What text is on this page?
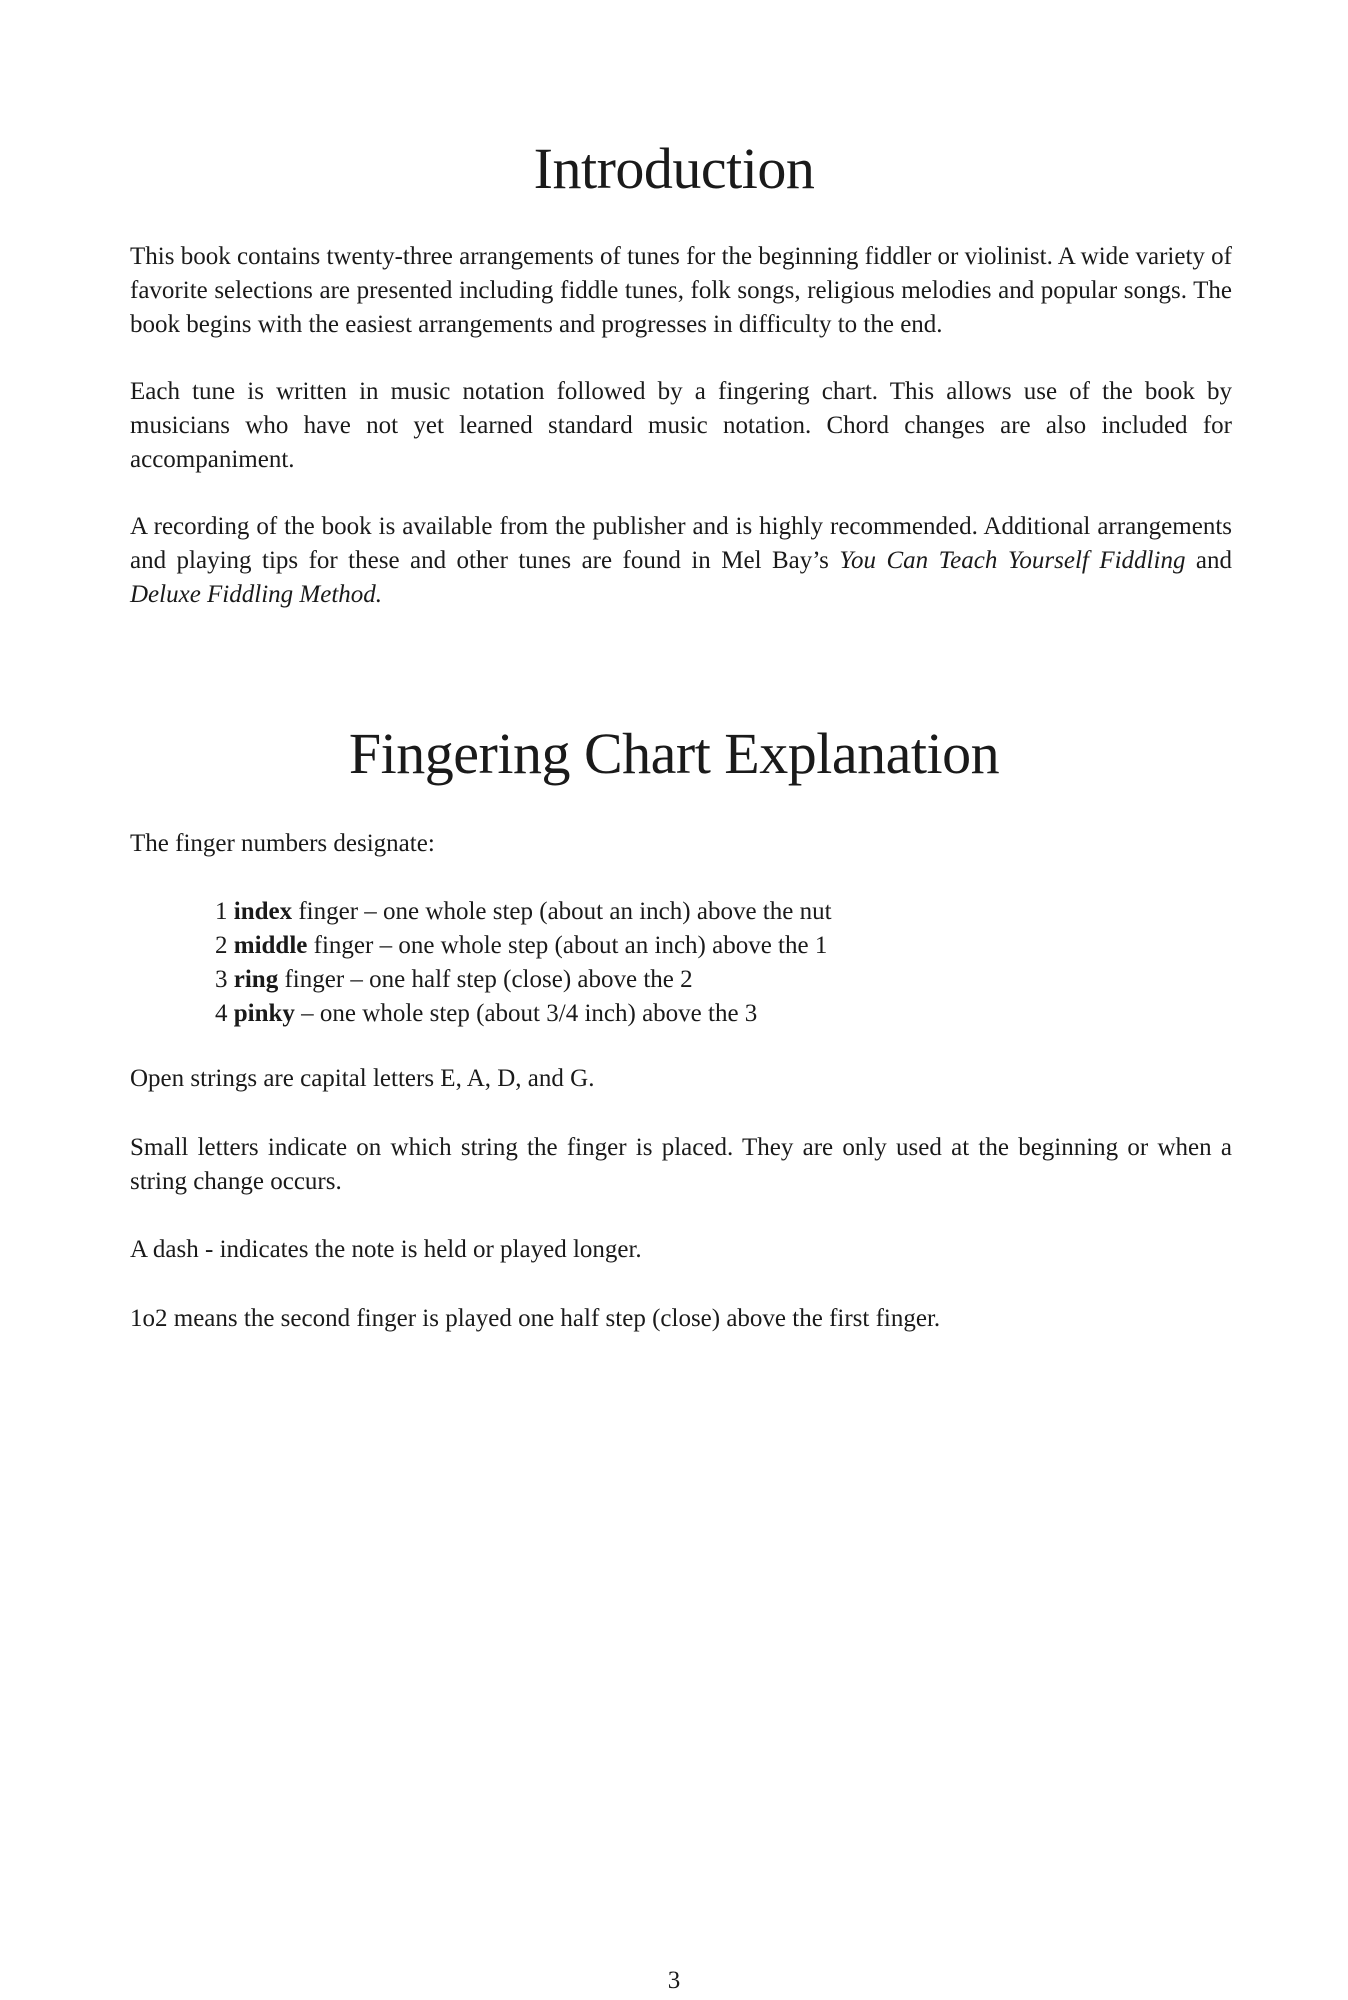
Introduction

This book contains twenty-three arrangements of tunes for the beginning fiddler or violinist. A wide variety of favorite selections are presented including fiddle tunes, folk songs, religious melodies and popular songs. The book begins with the easiest arrangements and progresses in difficulty to the end.

Each tune is written in music notation followed by a fingering chart. This allows use of the book by musicians who have not yet learned standard music notation. Chord changes are also included for accompaniment.

A recording of the book is available from the publisher and is highly recommended. Additional arrangements and playing tips for these and other tunes are found in Mel Bay’s You Can Teach Yourself Fiddling and Deluxe Fiddling Method.

Fingering Chart Explanation

The finger numbers designate:

1 index finger – one whole step (about an inch) above the nut
2 middle finger – one whole step (about an inch) above the 1
3 ring finger – one half step (close) above the 2
4 pinky – one whole step (about 3/4 inch) above the 3

Open strings are capital letters E, A, D, and G.

Small letters indicate on which string the finger is placed. They are only used at the beginning or when a string change occurs.

A dash - indicates the note is held or played longer.

1o2 means the second finger is played one half step (close) above the first finger.

3
